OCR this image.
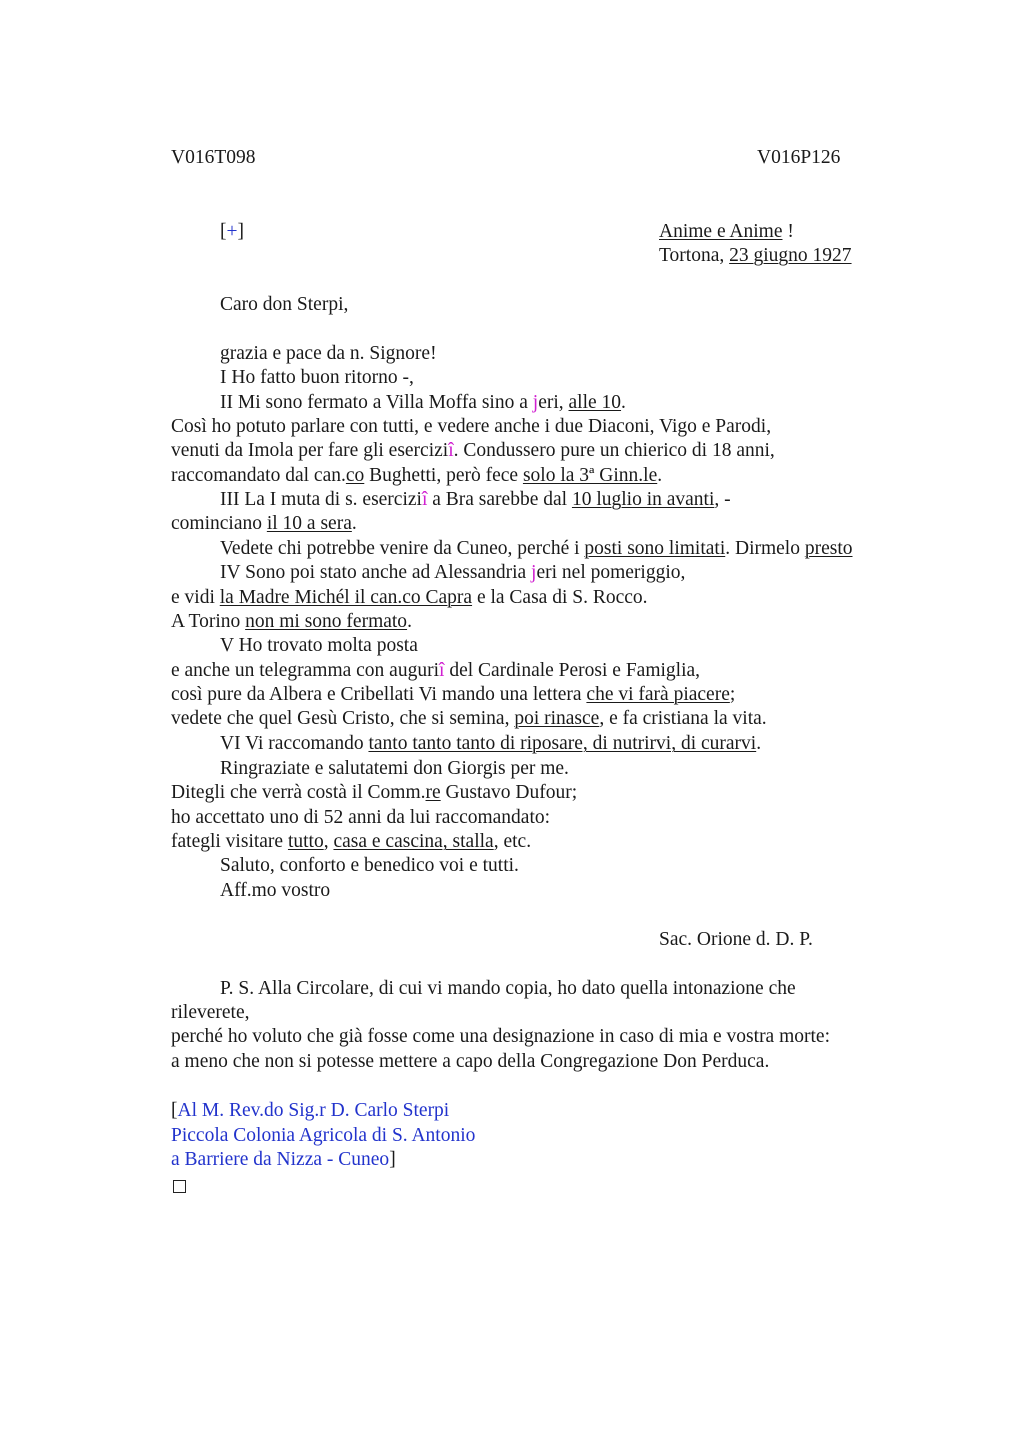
V016T098	V016P126
[+]	Anime e Anime !
Tortona, 23 giugno 1927
Caro don Sterpi,
grazia e pace da n. Signore!
I Ho fatto buon ritorno -,
II Mi sono fermato a Villa Moffa sino a jeri, alle 10.
Così ho potuto parlare con tutti, e vedere anche i due Diaconi, Vigo e Parodi,
venuti da Imola per fare gli eserciziî. Condussero pure un chierico di 18 anni,
raccomandato dal can.co Bughetti, però fece solo la 3ª Ginn.le.
III La I muta di s. eserciziî a Bra sarebbe dal 10 luglio in avanti, -
cominciano il 10 a sera.
Vedete chi potrebbe venire da Cuneo, perché i posti sono limitati. Dirmelo presto
IV Sono poi stato anche ad Alessandria jeri nel pomeriggio,
e vidi la Madre Michél il can.co Capra e la Casa di S. Rocco.
A Torino non mi sono fermato.
V Ho trovato molta posta
e anche un telegramma con auguriî del Cardinale Perosi e Famiglia,
così pure da Albera e Cribellati Vi mando una lettera che vi farà piacere;
vedete che quel Gesù Cristo, che si semina, poi rinasce, e fa cristiana la vita.
VI Vi raccomando tanto tanto tanto di riposare, di nutrirvi, di curarvi.
Ringraziate e salutatemi don Giorgis per me.
Ditegli che verrà costà il Comm.re Gustavo Dufour;
ho accettato uno di 52 anni da lui raccomandato:
fategli visitare tutto, casa e cascina, stalla, etc.
Saluto, conforto e benedico voi e tutti.
Aff.mo vostro
Sac. Orione d. D. P.
P. S. Alla Circolare, di cui vi mando copia, ho dato quella intonazione che
rileverete,
perché ho voluto che già fosse come una designazione in caso di mia e vostra morte:
a meno che non si potesse mettere a capo della Congregazione Don Perduca.
[Al M. Rev.do Sig.r D. Carlo Sterpi
Piccola Colonia Agricola di S. Antonio
a Barriere da Nizza - Cuneo]
